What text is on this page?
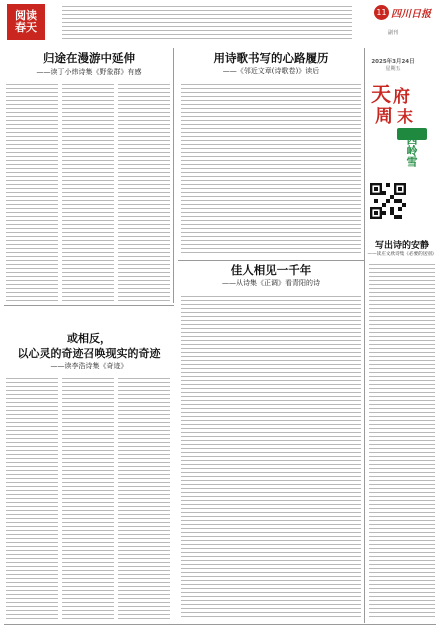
阅读
春天
11 四川日报
副刊
2025年3月24日
星期五
天 府
周 末
西岭雪
归途在漫游中延伸

——读丁小炜诗集《野象群》有感

用诗歌书写的心路履历

——《邻近文章(诗歌卷)》读后

写出诗的安静

——读庄文欣诗集《必要的送别》

佳人相见一千年

——从诗集《正调》看青阳的诗

或相反，
以心灵的奇迹召唤现实的奇迹

——读李浩诗集《奇迹》
